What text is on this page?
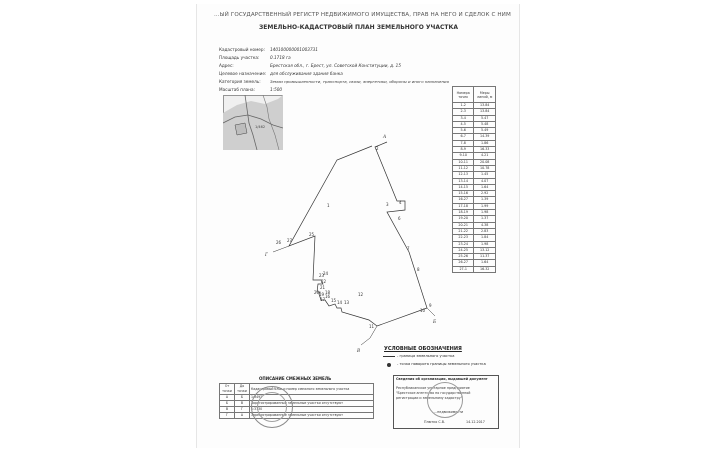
...ЫЙ ГОСУДАРСТВЕННЫЙ РЕГИСТР НЕДВИЖИМОГО ИМУЩЕСТВА, ПРАВ НА НЕГО И СДЕЛОК С НИМ
ЗЕМЕЛЬНО-КАДАСТРОВЫЙ ПЛАН ЗЕМЕЛЬНОГО УЧАСТКА
Кадастровый номер: 140100000001003731
Площадь участка:	0.1718 га
Адрес:	Брестская обл., г. Брест, ул. Советской Конституции, д. 15
Целевое назначение: для обслуживания здания банка
Категория земель: Земли промышленности, транспорта, связи, энергетики, обороны и иного назначения
Масштаб плана:	1:500
1/462
Номера точек	Меры линий, м
1-2	13.84
2-3	13.84
3-4	5.47
4-5	5.48
5-6	5.49
6-7	14.39
7-8	1.86
8-9	16.33
9-10	4.21
10-11	20.08
11-12	10.78
12-13	1.45
13-14	4.07
14-15	1.64
15-16	2.92
16-27	1.39
17-18	1.99
18-19	1.98
19-20	1.37
20-21	4.38
21-22	2.83
22-23	1.84
23-24	1.98
24-25	13.12
25-26	11.37
26-27	1.64
27-1	16.32
А
Б
В
Г
1
2
3	4
6
7
8
9
10
11
12
13
14
15
16
17
18
19
20
21
22
23
24
25
26 27
УСЛОВНЫЕ ОБОЗНАЧЕНИЯ
- граница земельного участка
- точка поворота границы земельного участка
ОПИСАНИЕ СМЕЖНЫХ ЗЕМЕЛЬ
От точки	До точки	Кадастровый блок и номер смежного земельного участка
А	Б	1:3493
Б	В	Зарегистрированные земельные участки отсутствуют
В	Г	1:3730
Г	А	Зарегистрированные земельные участки отсутствуют
Сведения об организации, выдавшей документ
Республиканское унитарное предприятие
"Брестское агентство по государственной
регистрации и земельному кадастру"
...недвижимости
Плютко С.В.	14.12.2017
